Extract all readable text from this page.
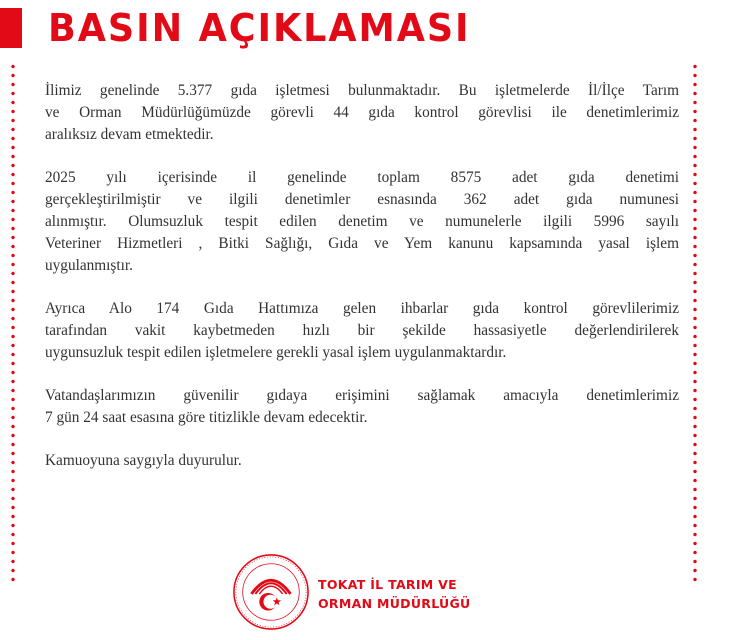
BASIN AÇIKLAMASI
İlimiz genelinde 5.377 gıda işletmesi bulunmaktadır. Bu işletmelerde İl/İlçe Tarım
ve Orman Müdürlüğümüzde görevli 44 gıda kontrol görevlisi ile denetimlerimiz
aralıksız devam etmektedir.
2025 yılı içerisinde il genelinde toplam 8575 adet gıda denetimi
gerçekleştirilmiştir ve ilgili denetimler esnasında 362 adet gıda numunesi
alınmıştır. Olumsuzluk tespit edilen denetim ve numunelerle ilgili 5996 sayılı
Veteriner Hizmetleri , Bitki Sağlığı, Gıda ve Yem kanunu kapsamında yasal işlem
uygulanmıştır.
Ayrıca Alo 174 Gıda Hattımıza gelen ihbarlar gıda kontrol görevlilerimiz
tarafından vakit kaybetmeden hızlı bir şekilde hassasiyetle değerlendirilerek
uygunsuzluk tespit edilen işletmelere gerekli yasal işlem uygulanmaktardır.
Vatandaşlarımızın güvenilir gıdaya erişimini sağlamak amacıyla denetimlerimiz
7 gün 24 saat esasına göre titizlikle devam edecektir.
Kamuoyuna saygıyla duyurulur.
TOKAT İL TARIM VE
ORMAN MÜDÜRLÜĞÜ
